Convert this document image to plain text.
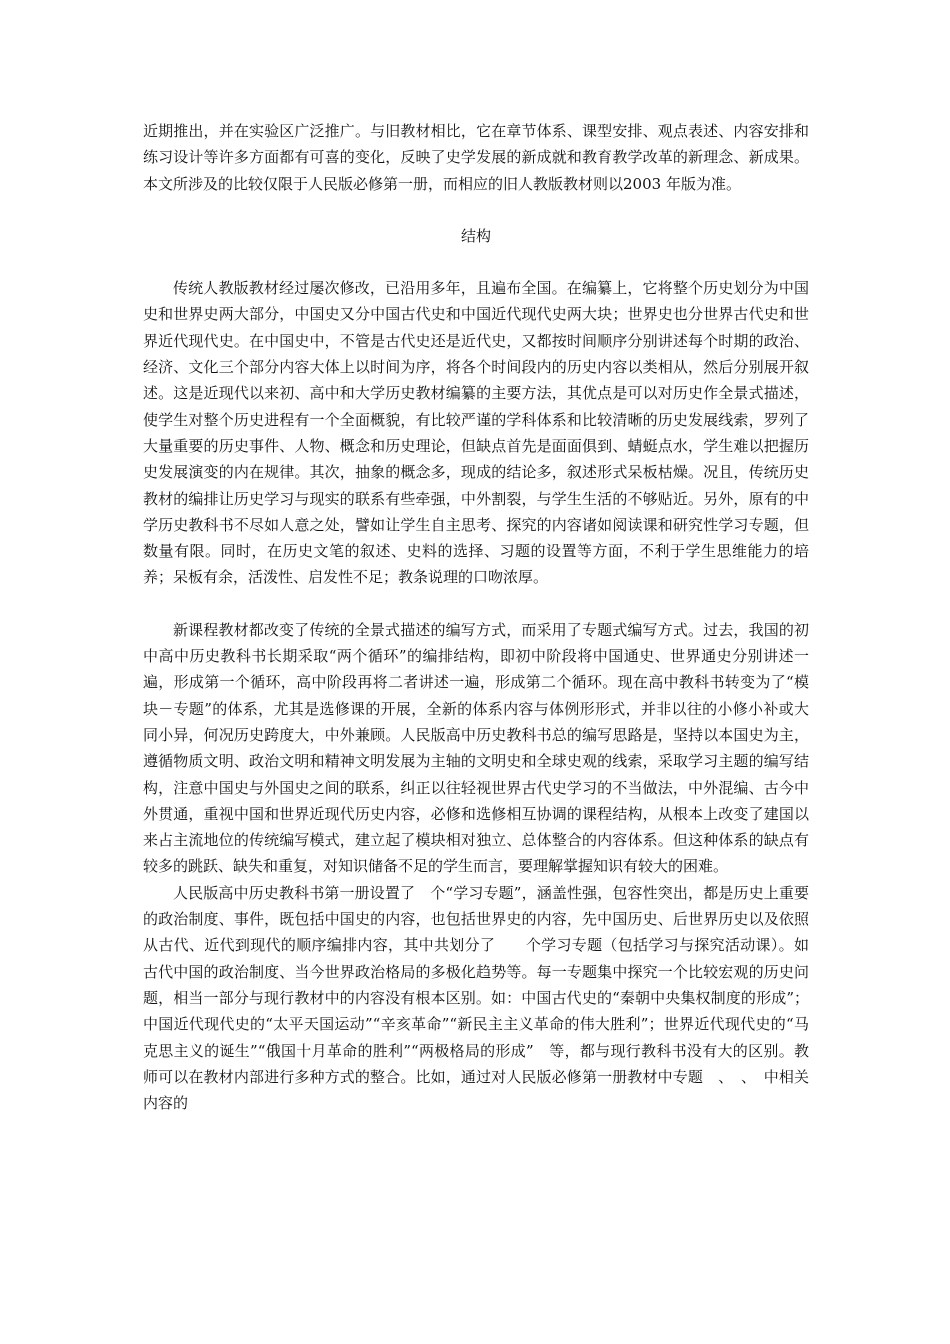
近期推出，并在实验区广泛推广。与旧教材相比，它在章节体系、课型安排、观点表述、内容安排和练习设计等许多方面都有可喜的变化，反映了史学发展的新成就和教育教学改革的新理念、新成果。本文所涉及的比较仅限于人民版必修第一册，而相应的旧人教版教材则以2003 年版为准。

结构

传统人教版教材经过屡次修改，已沿用多年，且遍布全国。在编纂上，它将整个历史划分为中国史和世界史两大部分，中国史又分中国古代史和中国近代现代史两大块；世界史也分世界古代史和世界近代现代史。在中国史中，不管是古代史还是近代史，又都按时间顺序分别讲述每个时期的政治、经济、文化三个部分内容大体上以时间为序，将各个时间段内的历史内容以类相从，然后分别展开叙述。这是近现代以来初、高中和大学历史教材编纂的主要方法，其优点是可以对历史作全景式描述，使学生对整个历史进程有一个全面概貌，有比较严谨的学科体系和比较清晰的历史发展线索，罗列了大量重要的历史事件、人物、概念和历史理论，但缺点首先是面面俱到、蜻蜓点水，学生难以把握历史发展演变的内在规律。其次，抽象的概念多，现成的结论多，叙述形式呆板枯燥。况且，传统历史教材的编排让历史学习与现实的联系有些牵强，中外割裂，与学生生活的不够贴近。另外，原有的中学历史教科书不尽如人意之处，譬如让学生自主思考、探究的内容诸如阅读课和研究性学习专题，但数量有限。同时，在历史文笔的叙述、史料的选择、习题的设置等方面，不利于学生思维能力的培养；呆板有余，活泼性、启发性不足；教条说理的口吻浓厚。

新课程教材都改变了传统的全景式描述的编写方式，而采用了专题式编写方式。过去，我国的初中高中历史教科书长期采取“两个循环”的编排结构，即初中阶段将中国通史、世界通史分别讲述一遍，形成第一个循环，高中阶段再将二者讲述一遍，形成第二个循环。现在高中教科书转变为了“模块－专题”的体系，尤其是选修课的开展，全新的体系内容与体例形形式，并非以往的小修小补或大同小异，何况历史跨度大，中外兼顾。人民版高中历史教科书总的编写思路是，坚持以本国史为主，遵循物质文明、政治文明和精神文明发展为主轴的文明史和全球史观的线索，采取学习主题的编写结构，注意中国史与外国史之间的联系，纠正以往轻视世界古代史学习的不当做法，中外混编、古今中外贯通，重视中国和世界近现代历史内容，必修和选修相互协调的课程结构，从根本上改变了建国以来占主流地位的传统编写模式，建立起了模块相对独立、总体整合的内容体系。但这种体系的缺点有较多的跳跃、缺失和重复，对知识储备不足的学生而言，要理解掌握知识有较大的困难。

人民版高中历史教科书第一册设置了　个“学习专题”，涵盖性强，包容性突出，都是历史上重要的政治制度、事件，既包括中国史的内容，也包括世界史的内容，先中国历史、后世界历史以及依照从古代、近代到现代的顺序编排内容，其中共划分了　　个学习专题（包括学习与探究活动课）。如古代中国的政治制度、当今世界政治格局的多极化趋势等。每一专题集中探究一个比较宏观的历史问题，相当一部分与现行教材中的内容没有根本区别。如：中国古代史的“秦朝中央集权制度的形成”；中国近代现代史的“太平天国运动”“辛亥革命”“新民主主义革命的伟大胜利”；世界近代现代史的“马克思主义的诞生”“俄国十月革命的胜利”“两极格局的形成”　等，都与现行教科书没有大的区别。教师可以在教材内部进行多种方式的整合。比如，通过对人民版必修第一册教材中专题　、　、　中相关内容的
